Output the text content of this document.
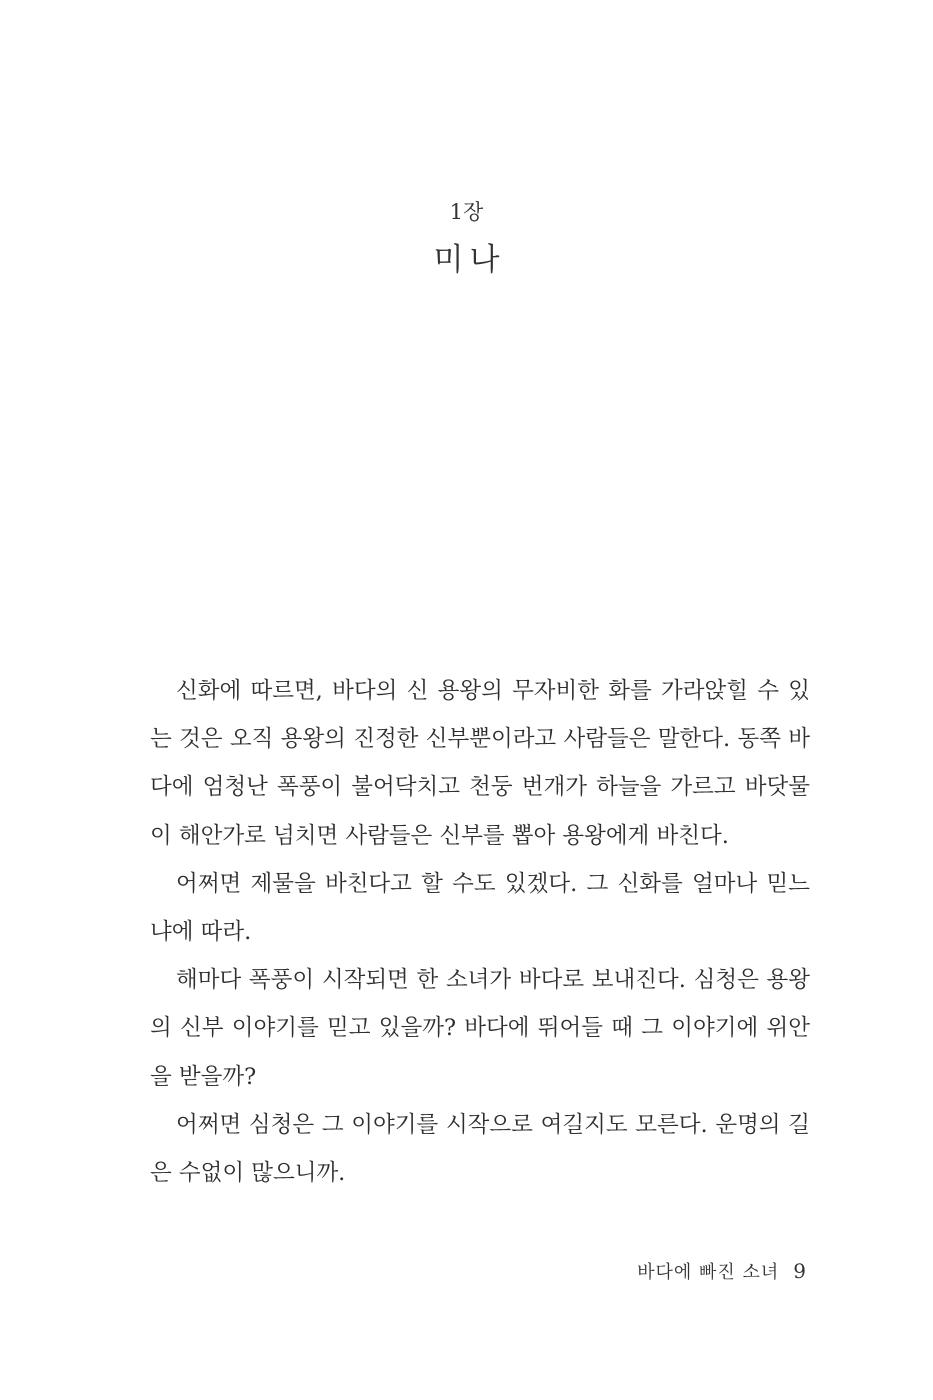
1장
미나
신화에 따르면, 바다의 신 용왕의 무자비한 화를 가라앉힐 수 있
는 것은 오직 용왕의 진정한 신부뿐이라고 사람들은 말한다. 동쪽 바
다에 엄청난 폭풍이 불어닥치고 천둥 번개가 하늘을 가르고 바닷물
이 해안가로 넘치면 사람들은 신부를 뽑아 용왕에게 바친다.
어쩌면 제물을 바친다고 할 수도 있겠다. 그 신화를 얼마나 믿느
냐에 따라.
해마다 폭풍이 시작되면 한 소녀가 바다로 보내진다. 심청은 용왕
의 신부 이야기를 믿고 있을까? 바다에 뛰어들 때 그 이야기에 위안
을 받을까?
어쩌면 심청은 그 이야기를 시작으로 여길지도 모른다. 운명의 길
은 수없이 많으니까.
바다에 빠진 소녀 9
